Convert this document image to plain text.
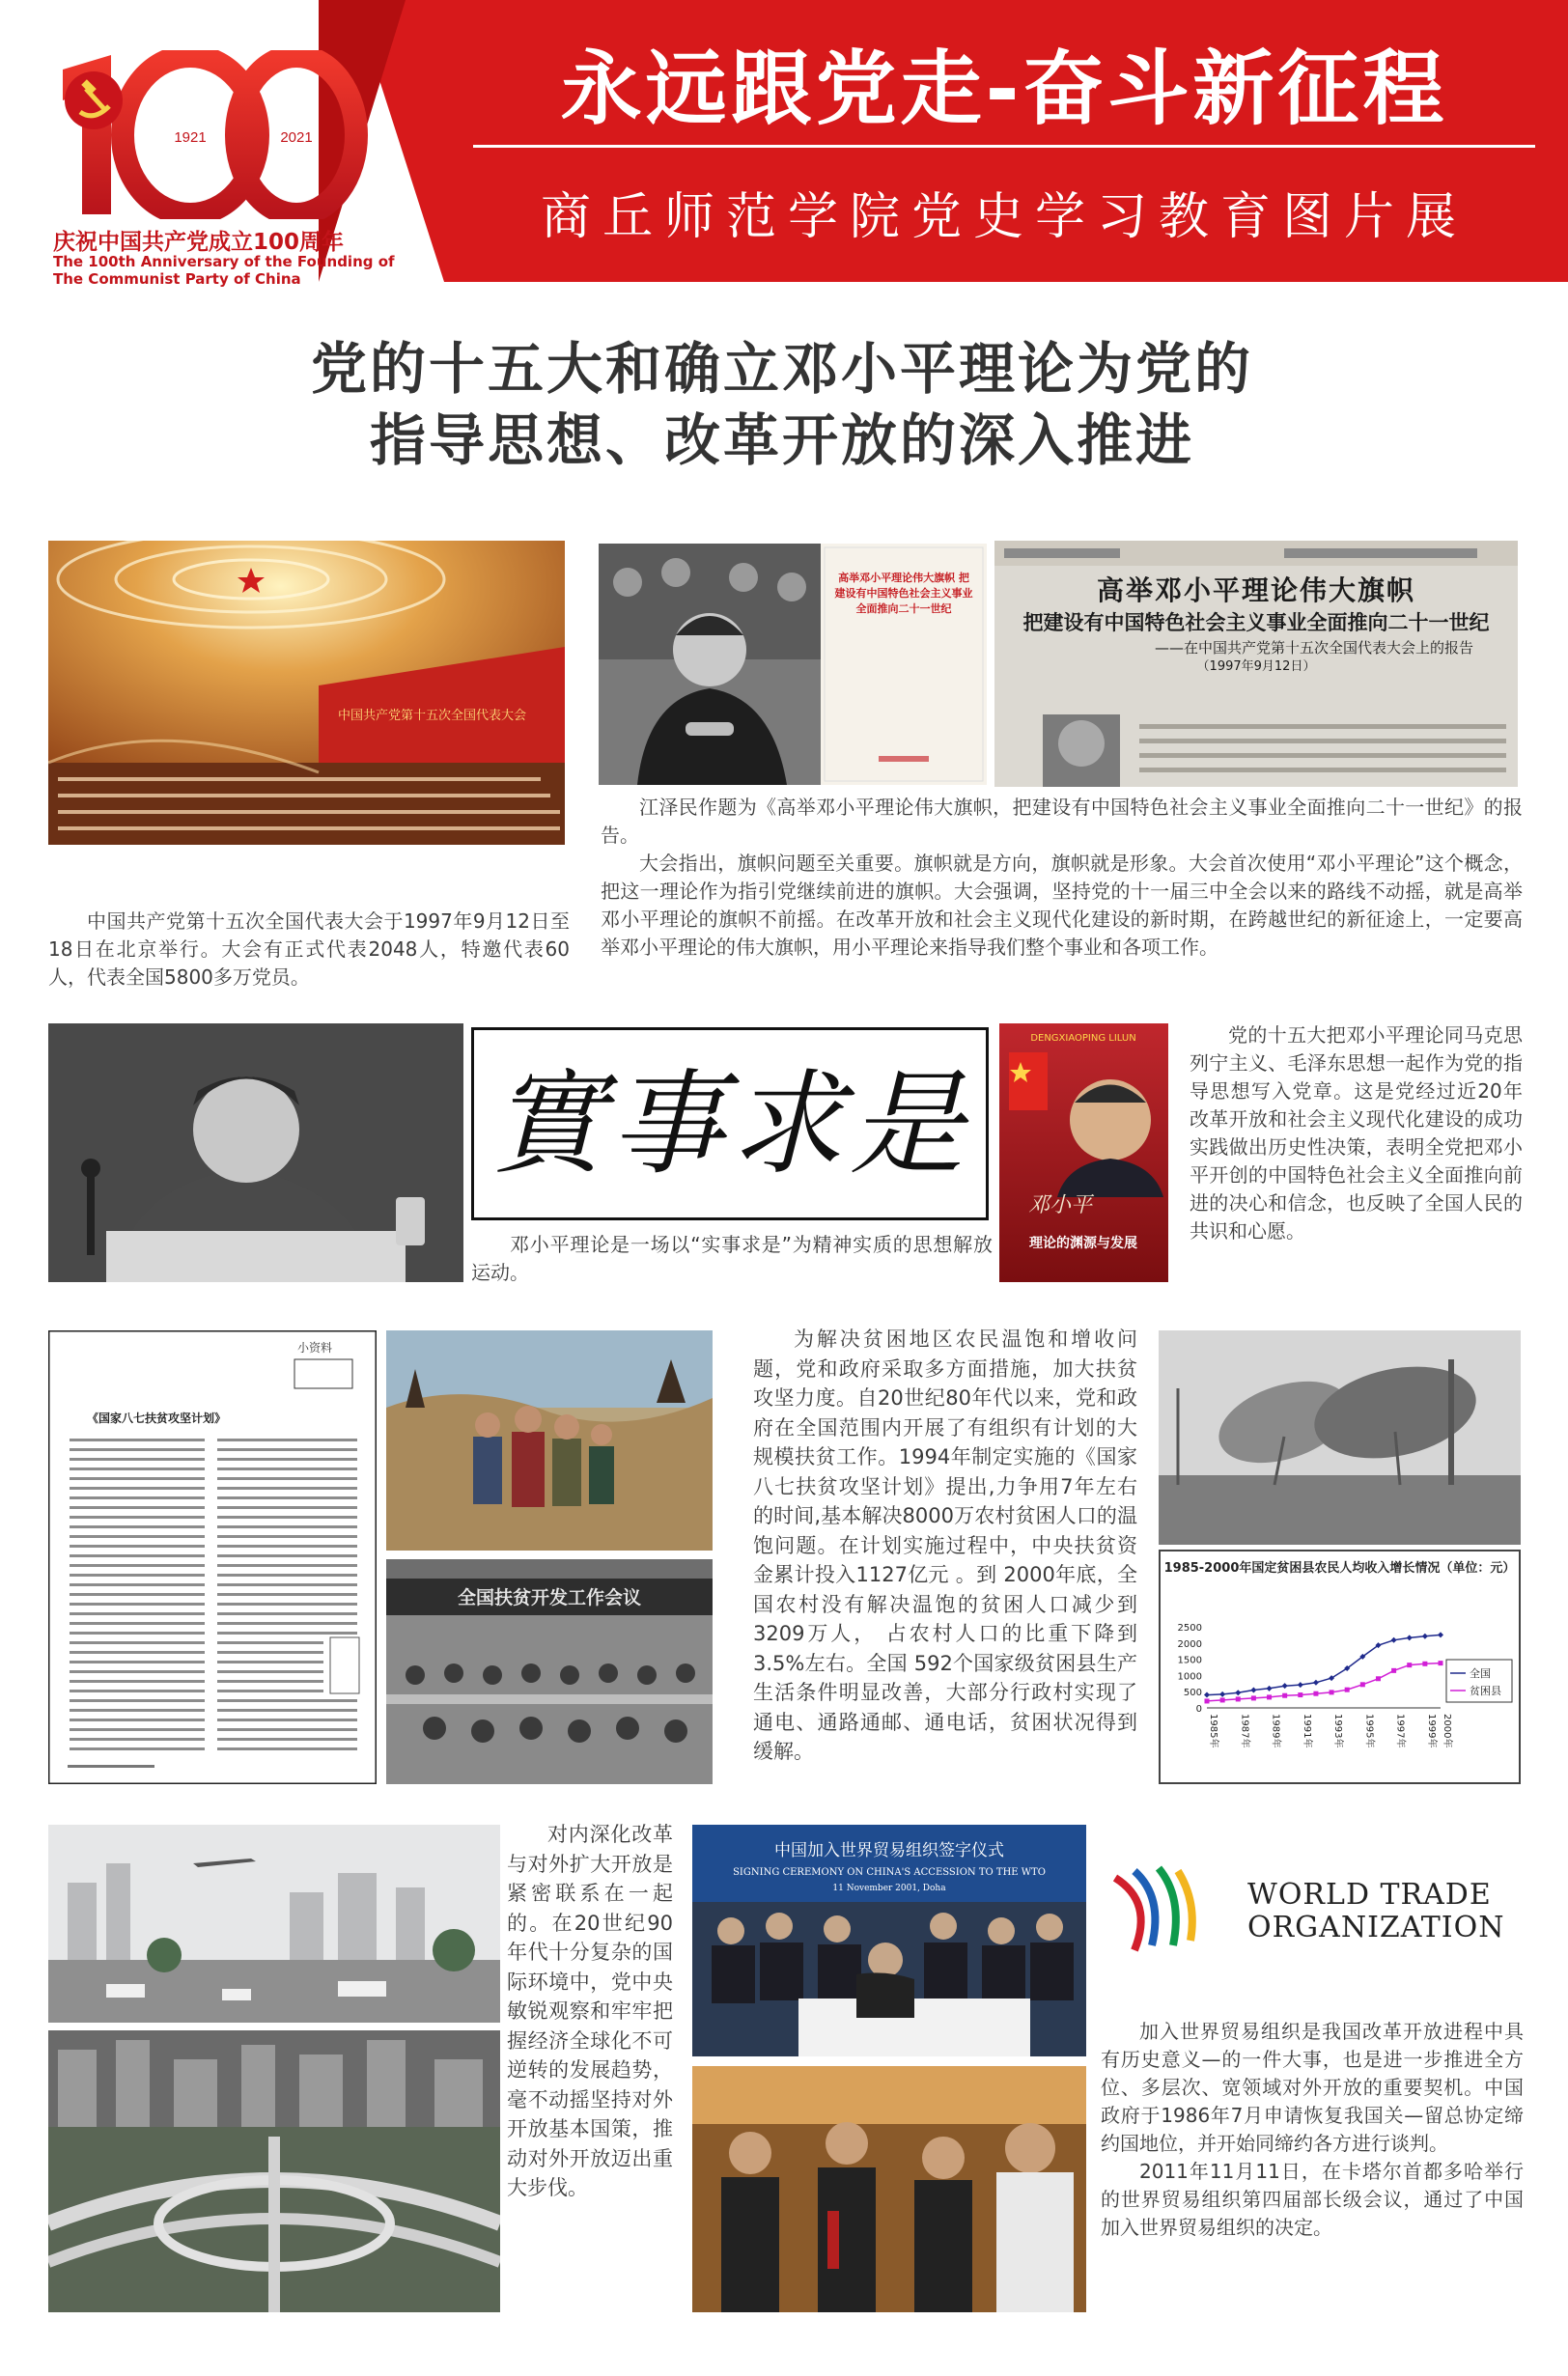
永远跟党走-奋斗新征程
商丘师范学院党史学习教育图片展
1921	2021
庆祝中国共产党成立100周年
The 100th Anniversary of the Founding of
The Communist Party of China
党的十五大和确立邓小平理论为党的
指导思想、改革开放的深入推进
中国共产党第十五次全国代表大会

中国共产党第十五次全国代表大会于1997年9月12日至18日在北京举行。大会有正式代表2048人，特邀代表60人，代表全国5800多万党员。

高举邓小平理论伟大旗帜 把建设有中国特色社会主义事业全面推向二十一世纪
高举邓小平理论伟大旗帜
把建设有中国特色社会主义事业全面推向二十一世纪
——在中国共产党第十五次全国代表大会上的报告
（1997年9月12日）

江泽民作题为《高举邓小平理论伟大旗帜，把建设有中国特色社会主义事业全面推向二十一世纪》的报告。

大会指出，旗帜问题至关重要。旗帜就是方向，旗帜就是形象。大会首次使用“邓小平理论”这个概念，把这一理论作为指引党继续前进的旗帜。大会强调，坚持党的十一届三中全会以来的路线不动摇，就是高举邓小平理论的旗帜不前摇。在改革开放和社会主义现代化建设的新时期，在跨越世纪的新征途上，一定要高举邓小平理论的伟大旗帜，用小平理论来指导我们整个事业和各项工作。

實事求是

邓小平理论是一场以“实事求是”为精神实质的思想解放运动。

DENGXIAOPING LILUN
邓小平
理论的渊源与发展

党的十五大把邓小平理论同马克思列宁主义、毛泽东思想一起作为党的指导思想写入党章。这是党经过近20年改革开放和社会主义现代化建设的成功实践做出历史性决策，表明全党把邓小平开创的中国特色社会主义全面推向前进的决心和信念，也反映了全国人民的共识和心愿。

小资料
《国家八七扶贫攻坚计划》
全国扶贫开发工作会议

为解决贫困地区农民温饱和增收问题，党和政府采取多方面措施，加大扶贫攻坚力度。自20世纪80年代以来，党和政府在全国范围内开展了有组织有计划的大规模扶贫工作。1994年制定实施的《国家八七扶贫攻坚计划》提出,力争用7年左右的时间,基本解决8000万农村贫困人口的温饱问题。在计划实施过程中，中央扶贫资金累计投入1127亿元 。到 2000年底，全国农村没有解决温饱的贫困人口减少到3209万人， 占农村人口的比重下降到3.5%左右。全国 592个国家级贫困县生产生活条件明显改善，大部分行政村实现了通电、通路通邮、通电话，贫困状况得到缓解。

1985-2000年国定贫困县农民人均收入增长情况（单位：元）
0
500
1000
1500
2000
2500
1985年 1987年 1989年 1991年 1993年 1995年 1997年 1999年 2000年
全国
贫困县

对内深化改革与对外扩大开放是紧密联系在一起的。在20世纪90年代十分复杂的国际环境中，党中央敏锐观察和牢牢把握经济全球化不可逆转的发展趋势，毫不动摇坚持对外开放基本国策，推动对外开放迈出重大步伐。

中国加入世界贸易组织签字仪式
SIGNING CEREMONY ON CHINA'S ACCESSION TO THE WTO
11 November 2001, Doha	WORLD TRADE
ORGANIZATION

加入世界贸易组织是我国改革开放进程中具有历史意义—的一件大事，也是进一步推进全方位、多层次、宽领域对外开放的重要契机。中国政府于1986年7月申请恢复我国关—留总协定缔约国地位，并开始同缔约各方进行谈判。

2011年11月11日，在卡塔尔首都多哈举行的世界贸易组织第四届部长级会议，通过了中国加入世界贸易组织的决定。
